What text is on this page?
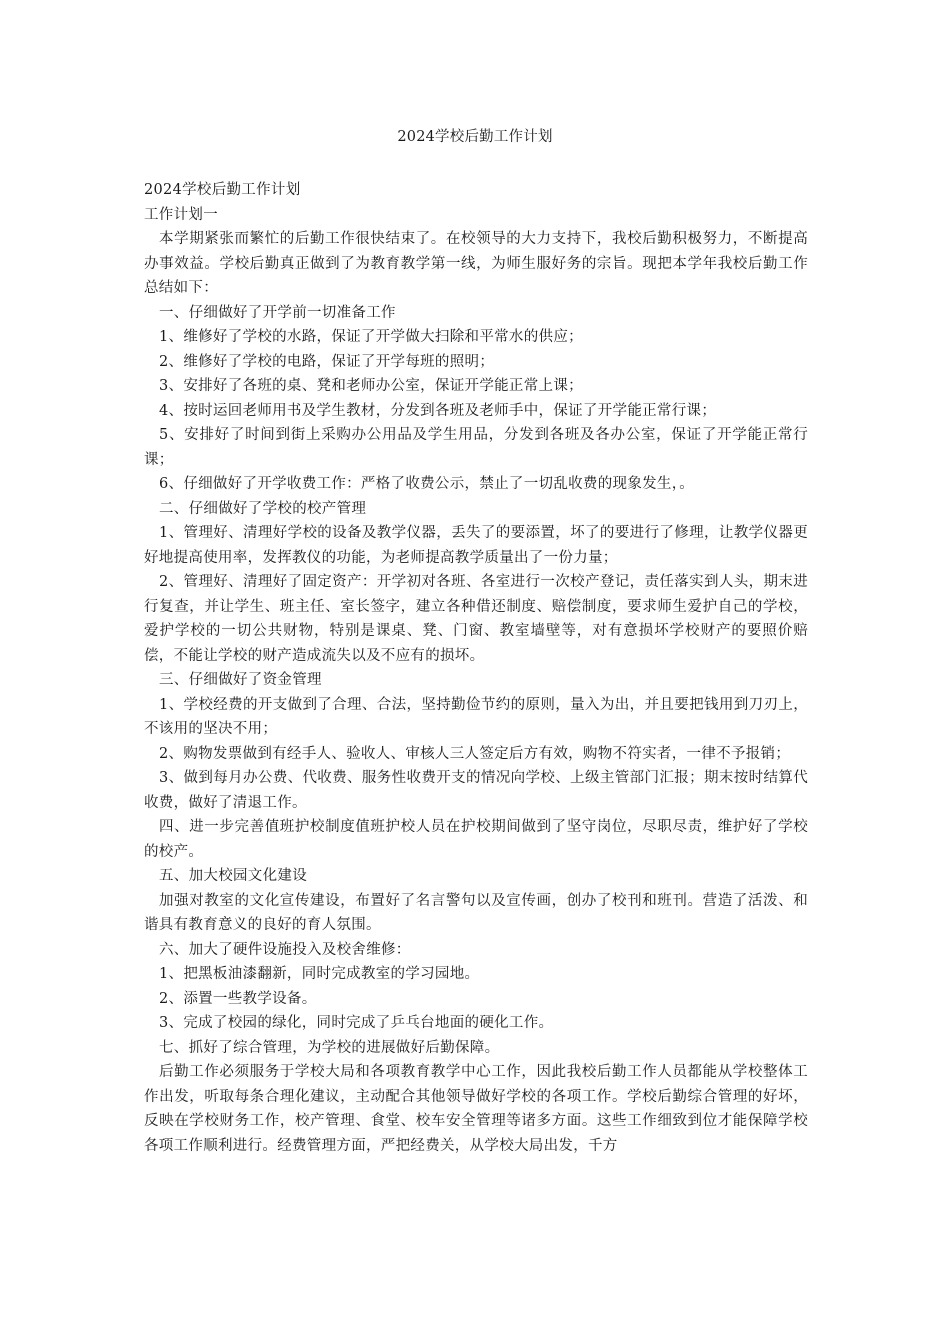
2024学校后勤工作计划

2024学校后勤工作计划

工作计划一

本学期紧张而繁忙的后勤工作很快结束了。在校领导的大力支持下，我校后勤积极努力，不断提高办事效益。学校后勤真正做到了为教育教学第一线，为师生服好务的宗旨。现把本学年我校后勤工作总结如下：

一、仔细做好了开学前一切准备工作

1、维修好了学校的水路，保证了开学做大扫除和平常水的供应；

2、维修好了学校的电路，保证了开学每班的照明；

3、安排好了各班的桌、凳和老师办公室，保证开学能正常上课；

4、按时运回老师用书及学生教材，分发到各班及老师手中，保证了开学能正常行课；

5、安排好了时间到街上采购办公用品及学生用品，分发到各班及各办公室，保证了开学能正常行课；

6、仔细做好了开学收费工作：严格了收费公示，禁止了一切乱收费的现象发生，。

二、仔细做好了学校的校产管理

1、管理好、清理好学校的设备及教学仪器，丢失了的要添置，坏了的要进行了修理，让教学仪器更好地提高使用率，发挥教仪的功能，为老师提高教学质量出了一份力量；

2、管理好、清理好了固定资产：开学初对各班、各室进行一次校产登记，责任落实到人头，期末进行复查，并让学生、班主任、室长签字，建立各种借还制度、赔偿制度，要求师生爱护自己的学校，爱护学校的一切公共财物，特别是课桌、凳、门窗、教室墙壁等，对有意损坏学校财产的要照价赔偿，不能让学校的财产造成流失以及不应有的损坏。

三、仔细做好了资金管理

1、学校经费的开支做到了合理、合法，坚持勤俭节约的原则，量入为出，并且要把钱用到刀刃上，不该用的坚决不用；

2、购物发票做到有经手人、验收人、审核人三人签定后方有效，购物不符实者，一律不予报销；

3、做到每月办公费、代收费、服务性收费开支的情况向学校、上级主管部门汇报；期末按时结算代收费，做好了清退工作。

四、进一步完善值班护校制度值班护校人员在护校期间做到了坚守岗位，尽职尽责，维护好了学校的校产。

五、加大校园文化建设

加强对教室的文化宣传建设，布置好了名言警句以及宣传画，创办了校刊和班刊。营造了活泼、和谐具有教育意义的良好的育人氛围。

六、加大了硬件设施投入及校舍维修：

1、把黑板油漆翻新，同时完成教室的学习园地。

2、添置一些教学设备。

3、完成了校园的绿化，同时完成了乒乓台地面的硬化工作。

七、抓好了综合管理，为学校的进展做好后勤保障。

后勤工作必须服务于学校大局和各项教育教学中心工作，因此我校后勤工作人员都能从学校整体工作出发，听取每条合理化建议，主动配合其他领导做好学校的各项工作。学校后勤综合管理的好坏，反映在学校财务工作，校产管理、食堂、校车安全管理等诸多方面。这些工作细致到位才能保障学校各项工作顺利进行。经费管理方面，严把经费关，从学校大局出发，千方
